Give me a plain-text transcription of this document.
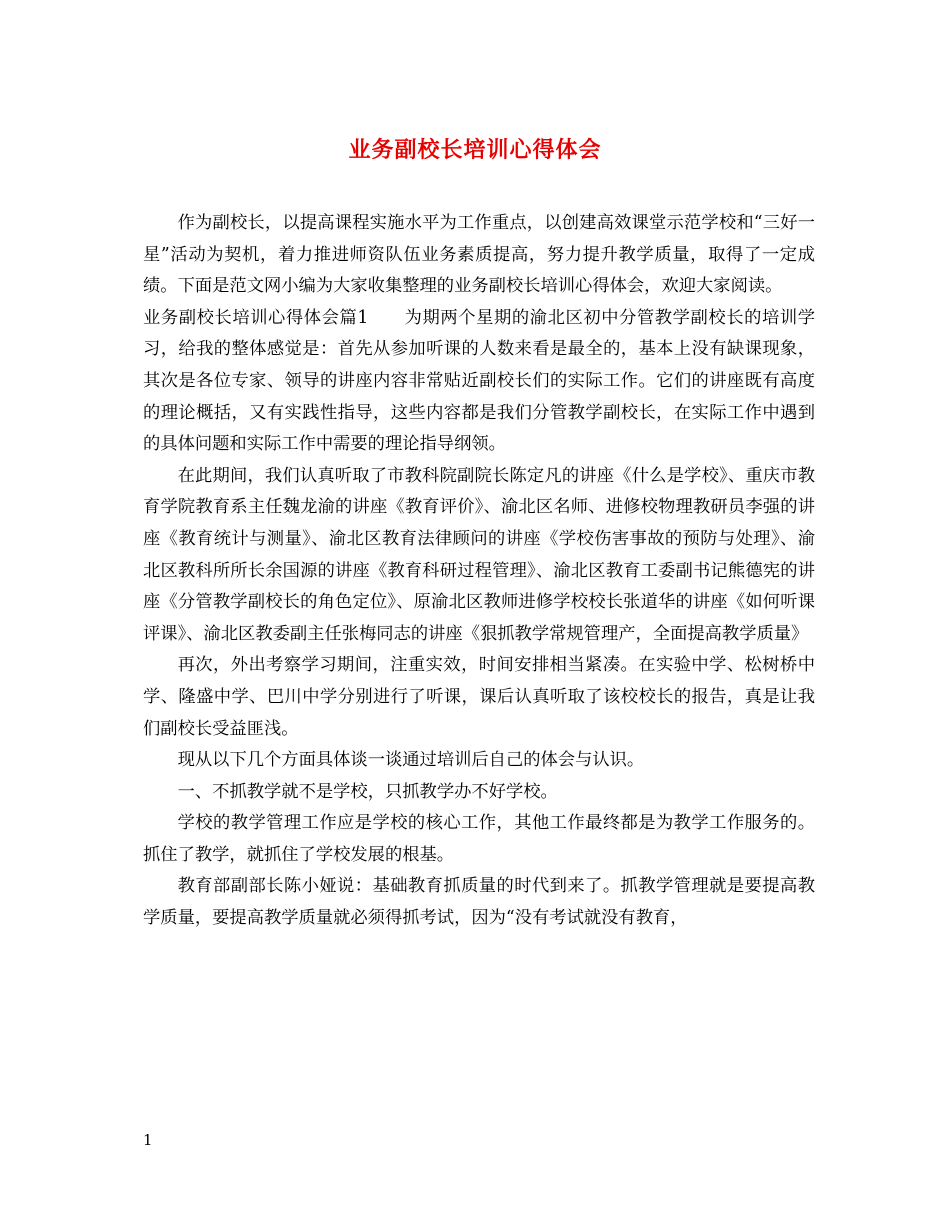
业务副校长培训心得体会

作为副校长，以提高课程实施水平为工作重点，以创建高效课堂示范学校和“三好一星”活动为契机，着力推进师资队伍业务素质提高，努力提升教学质量，取得了一定成绩。下面是范文网小编为大家收集整理的业务副校长培训心得体会，欢迎大家阅读。

业务副校长培训心得体会篇1　　为期两个星期的渝北区初中分管教学副校长的培训学习，给我的整体感觉是：首先从参加听课的人数来看是最全的，基本上没有缺课现象，其次是各位专家、领导的讲座内容非常贴近副校长们的实际工作。它们的讲座既有高度的理论概括，又有实践性指导，这些内容都是我们分管教学副校长，在实际工作中遇到的具体问题和实际工作中需要的理论指导纲领。

在此期间，我们认真听取了市教科院副院长陈定凡的讲座《什么是学校》、重庆市教育学院教育系主任魏龙渝的讲座《教育评价》、渝北区名师、进修校物理教研员李强的讲座《教育统计与测量》、渝北区教育法律顾问的讲座《学校伤害事故的预防与处理》、渝北区教科所所长余国源的讲座《教育科研过程管理》、渝北区教育工委副书记熊德宪的讲座《分管教学副校长的角色定位》、原渝北区教师进修学校校长张道华的讲座《如何听课评课》、渝北区教委副主任张梅同志的讲座《狠抓教学常规管理产，全面提高教学质量》

再次，外出考察学习期间，注重实效，时间安排相当紧凑。在实验中学、松树桥中学、隆盛中学、巴川中学分别进行了听课，课后认真听取了该校校长的报告，真是让我们副校长受益匪浅。

现从以下几个方面具体谈一谈通过培训后自己的体会与认识。

一、不抓教学就不是学校，只抓教学办不好学校。

学校的教学管理工作应是学校的核心工作，其他工作最终都是为教学工作服务的。抓住了教学，就抓住了学校发展的根基。

教育部副部长陈小娅说：基础教育抓质量的时代到来了。抓教学管理就是要提高教学质量，要提高教学质量就必须得抓考试，因为“没有考试就没有教育，

1
